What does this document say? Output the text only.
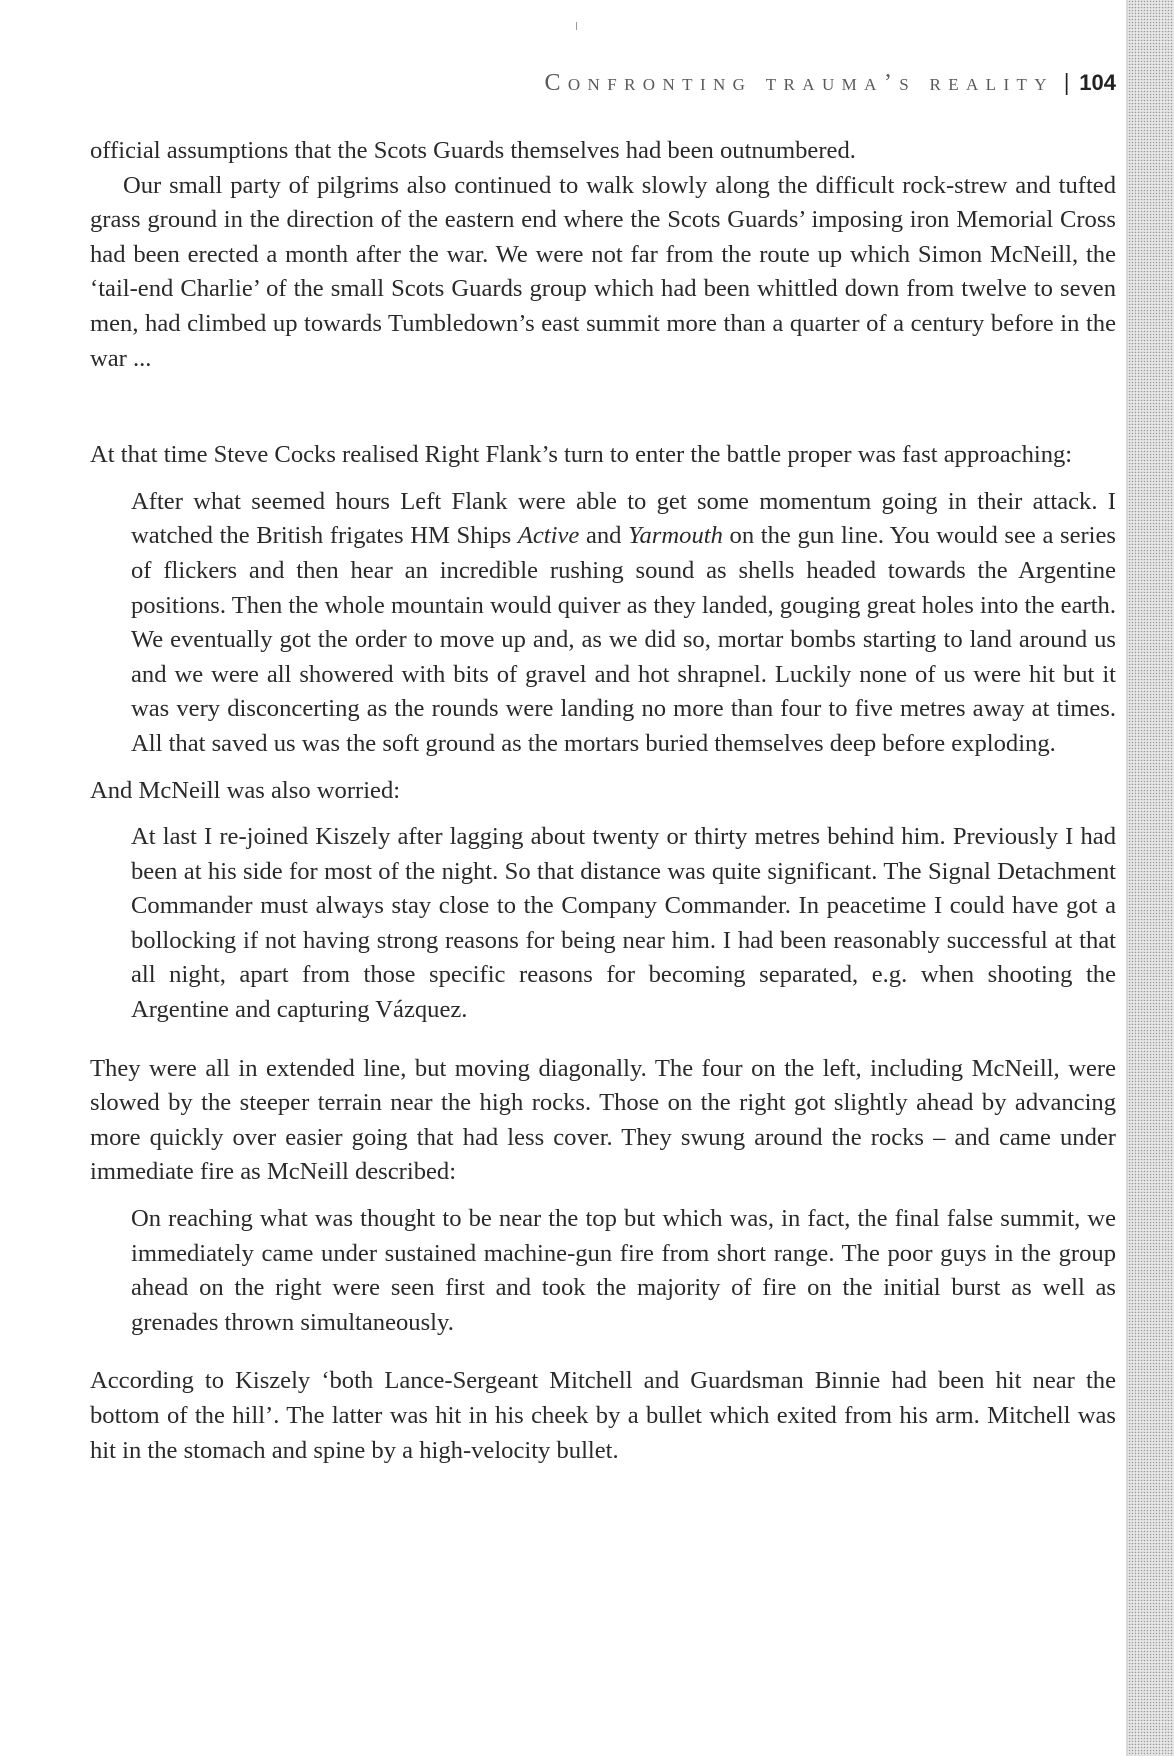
Confronting trauma’s reality | 104

official assumptions that the Scots Guards themselves had been outnumbered.

Our small party of pilgrims also continued to walk slowly along the difficult rock-strew and tufted grass ground in the direction of the eastern end where the Scots Guards’ imposing iron Memorial Cross had been erected a month after the war. We were not far from the route up which Simon McNeill, the ‘tail-end Charlie’ of the small Scots Guards group which had been whittled down from twelve to seven men, had climbed up towards Tumbledown’s east summit more than a quarter of a century before in the war ...

At that time Steve Cocks realised Right Flank’s turn to enter the battle proper was fast approaching:

After what seemed hours Left Flank were able to get some momentum going in their attack. I watched the British frigates HM Ships Active and Yarmouth on the gun line. You would see a series of flickers and then hear an incredible rushing sound as shells headed towards the Argentine positions. Then the whole mountain would quiver as they landed, gouging great holes into the earth. We eventually got the order to move up and, as we did so, mortar bombs starting to land around us and we were all showered with bits of gravel and hot shrapnel. Luckily none of us were hit but it was very disconcerting as the rounds were landing no more than four to five metres away at times. All that saved us was the soft ground as the mortars buried themselves deep before exploding.

And McNeill was also worried:

At last I re-joined Kiszely after lagging about twenty or thirty metres behind him. Previously I had been at his side for most of the night. So that distance was quite significant. The Signal Detachment Commander must always stay close to the Company Commander. In peacetime I could have got a bollocking if not having strong reasons for being near him. I had been reasonably successful at that all night, apart from those specific reasons for becoming separated, e.g. when shooting the Argentine and capturing Vázquez.

They were all in extended line, but moving diagonally. The four on the left, including McNeill, were slowed by the steeper terrain near the high rocks. Those on the right got slightly ahead by advancing more quickly over easier going that had less cover. They swung around the rocks – and came under immediate fire as McNeill described:

On reaching what was thought to be near the top but which was, in fact, the final false summit, we immediately came under sustained machine-gun fire from short range. The poor guys in the group ahead on the right were seen first and took the majority of fire on the initial burst as well as grenades thrown simultaneously.

According to Kiszely ‘both Lance-Sergeant Mitchell and Guardsman Binnie had been hit near the bottom of the hill’. The latter was hit in his cheek by a bullet which exited from his arm. Mitchell was hit in the stomach and spine by a high-velocity bullet.
